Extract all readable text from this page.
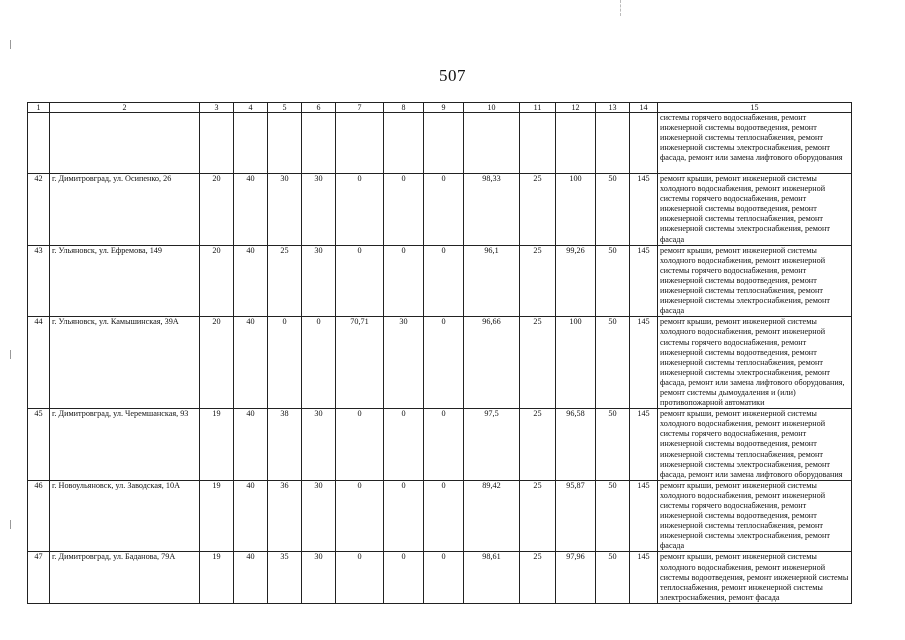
507
1	2	3	4	5	6	7	8	9	10	11	12	13	14	15
														системы горячего водоснабжения, ремонт инженерной системы водоотведения, ремонт инженерной системы теплоснабжения, ремонт инженерной системы электроснабжения, ремонт фасада, ремонт или замена лифтового оборудования
42	г. Димитровград, ул. Осипенко, 26	20	40	30	30	0	0	0	98,33	25	100	50	145	ремонт крыши, ремонт инженерной системы холодного водоснабжения, ремонт инженерной системы горячего водоснабжения, ремонт инженерной системы водоотведения, ремонт инженерной системы теплоснабжения, ремонт инженерной системы электроснабжения, ремонт фасада
43	г. Ульяновск, ул. Ефремова, 149	20	40	25	30	0	0	0	96,1	25	99,26	50	145	ремонт крыши, ремонт инженерной системы холодного водоснабжения, ремонт инженерной системы горячего водоснабжения, ремонт инженерной системы водоотведения, ремонт инженерной системы теплоснабжения, ремонт инженерной системы электроснабжения, ремонт фасада
44	г. Ульяновск, ул. Камышинская, 39А	20	40	0	0	70,71	30	0	96,66	25	100	50	145	ремонт крыши, ремонт инженерной системы холодного водоснабжения, ремонт инженерной системы горячего водоснабжения, ремонт инженерной системы водоотведения, ремонт инженерной системы теплоснабжения, ремонт инженерной системы электроснабжения, ремонт фасада, ремонт или замена лифтового оборудования, ремонт системы дымоудаления и (или) противопожарной автоматики
45	г. Димитровград, ул. Черемшанская, 93	19	40	38	30	0	0	0	97,5	25	96,58	50	145	ремонт крыши, ремонт инженерной системы холодного водоснабжения, ремонт инженерной системы горячего водоснабжения, ремонт инженерной системы водоотведения, ремонт инженерной системы теплоснабжения, ремонт инженерной системы электроснабжения, ремонт фасада, ремонт или замена лифтового оборудования
46	г. Новоульяновск, ул. Заводская, 10А	19	40	36	30	0	0	0	89,42	25	95,87	50	145	ремонт крыши, ремонт инженерной системы холодного водоснабжения, ремонт инженерной системы горячего водоснабжения, ремонт инженерной системы водоотведения, ремонт инженерной системы теплоснабжения, ремонт инженерной системы электроснабжения, ремонт фасада
47	г. Димитровград, ул. Баданова, 79А	19	40	35	30	0	0	0	98,61	25	97,96	50	145	ремонт крыши, ремонт инженерной системы холодного водоснабжения, ремонт инженерной системы водоотведения, ремонт инженерной системы теплоснабжения, ремонт инженерной системы электроснабжения, ремонт фасада
